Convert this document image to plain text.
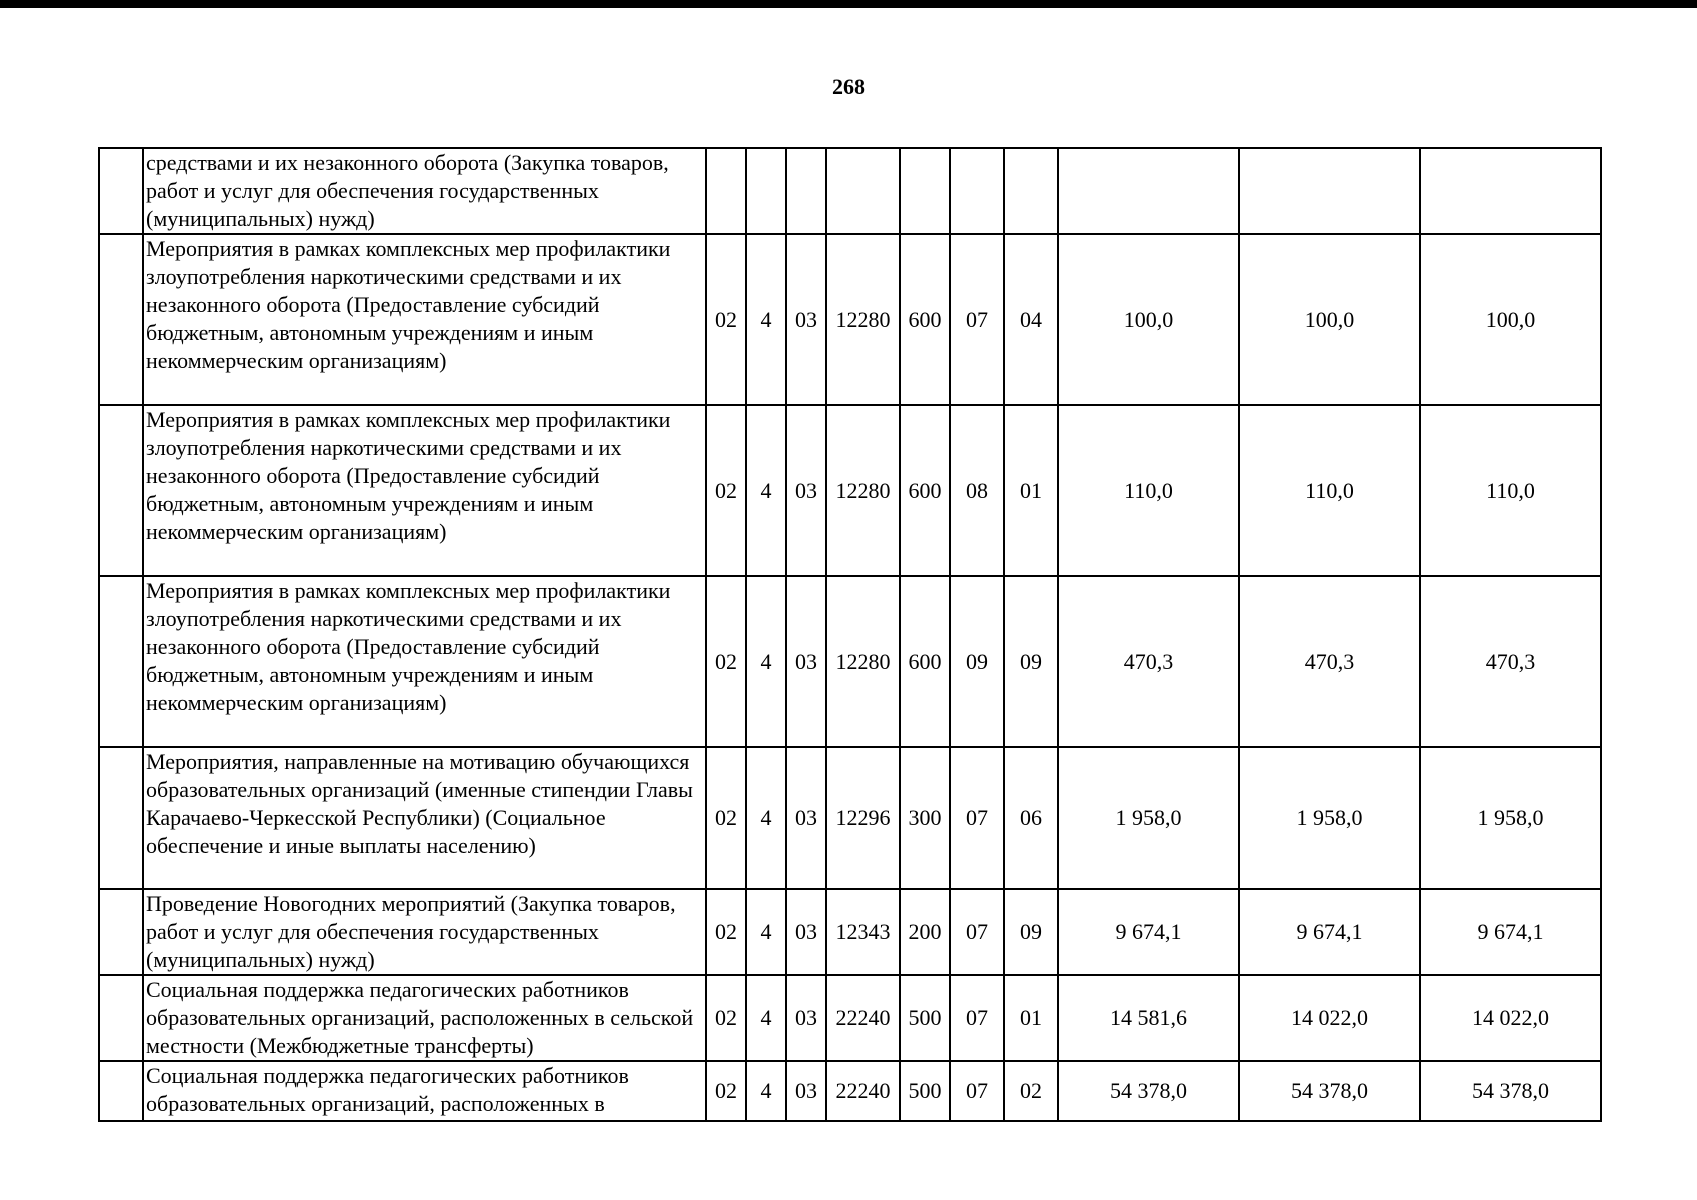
268
	средствами и их незаконного оборота (Закупка товаров, работ и услуг для обеспечения государственных (муниципальных) нужд)										
	Мероприятия в рамках комплексных мер профилактики злоупотребления наркотическими средствами и их незаконного оборота (Предоставление субсидий бюджетным, автономным учреждениям и иным некоммерческим организациям)	02	4	03	12280	600	07	04	100,0	100,0	100,0
	Мероприятия в рамках комплексных мер профилактики злоупотребления наркотическими средствами и их незаконного оборота (Предоставление субсидий бюджетным, автономным учреждениям и иным некоммерческим организациям)	02	4	03	12280	600	08	01	110,0	110,0	110,0
	Мероприятия в рамках комплексных мер профилактики злоупотребления наркотическими средствами и их незаконного оборота (Предоставление субсидий бюджетным, автономным учреждениям и иным некоммерческим организациям)	02	4	03	12280	600	09	09	470,3	470,3	470,3
	Мероприятия, направленные на мотивацию обучающихся образовательных организаций (именные стипендии Главы Карачаево-Черкесской Республики) (Социальное обеспечение и иные выплаты населению)	02	4	03	12296	300	07	06	1 958,0	1 958,0	1 958,0
	Проведение Новогодних мероприятий (Закупка товаров, работ и услуг для обеспечения государственных (муниципальных) нужд)	02	4	03	12343	200	07	09	9 674,1	9 674,1	9 674,1
	Социальная поддержка педагогических работников образовательных организаций, расположенных в сельской местности (Межбюджетные трансферты)	02	4	03	22240	500	07	01	14 581,6	14 022,0	14 022,0
	Социальная поддержка педагогических работников образовательных организаций, расположенных в	02	4	03	22240	500	07	02	54 378,0	54 378,0	54 378,0
